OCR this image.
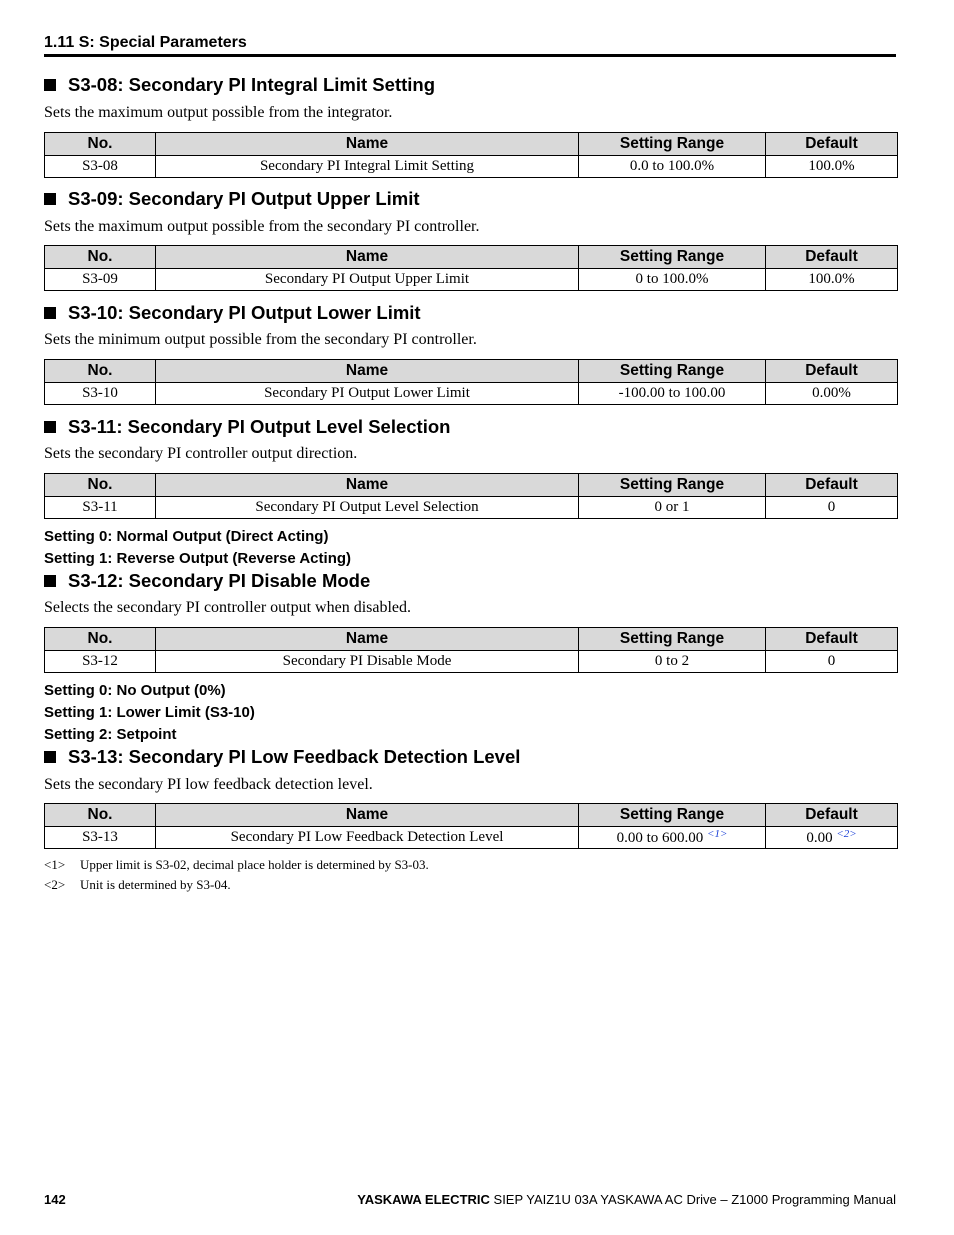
1.11 S: Special Parameters
S3-08: Secondary PI Integral Limit Setting
Sets the maximum output possible from the integrator.
No.	Name	Setting Range	Default
S3-08	Secondary PI Integral Limit Setting	0.0 to 100.0%	100.0%
S3-09: Secondary PI Output Upper Limit
Sets the maximum output possible from the secondary PI controller.
No.	Name	Setting Range	Default
S3-09	Secondary PI Output Upper Limit	0 to 100.0%	100.0%
S3-10: Secondary PI Output Lower Limit
Sets the minimum output possible from the secondary PI controller.
No.	Name	Setting Range	Default
S3-10	Secondary PI Output Lower Limit	-100.00 to 100.00	0.00%
S3-11: Secondary PI Output Level Selection
Sets the secondary PI controller output direction.
No.	Name	Setting Range	Default
S3-11	Secondary PI Output Level Selection	0 or 1	0
Setting 0: Normal Output (Direct Acting)
Setting 1: Reverse Output (Reverse Acting)
S3-12: Secondary PI Disable Mode
Selects the secondary PI controller output when disabled.
No.	Name	Setting Range	Default
S3-12	Secondary PI Disable Mode	0 to 2	0
Setting 0: No Output (0%)
Setting 1: Lower Limit (S3-10)
Setting 2: Setpoint
S3-13: Secondary PI Low Feedback Detection Level
Sets the secondary PI low feedback detection level.
No.	Name	Setting Range	Default
S3-13	Secondary PI Low Feedback Detection Level	0.00 to 600.00 $^{<1>}$	0.00 $^{<2>}$
<1> Upper limit is S3-02, decimal place holder is determined by S3-03.
<2> Unit is determined by S3-04.
142	YASKAWA ELECTRIC SIEP YAIZ1U 03A YASKAWA AC Drive – Z1000 Programming Manual
